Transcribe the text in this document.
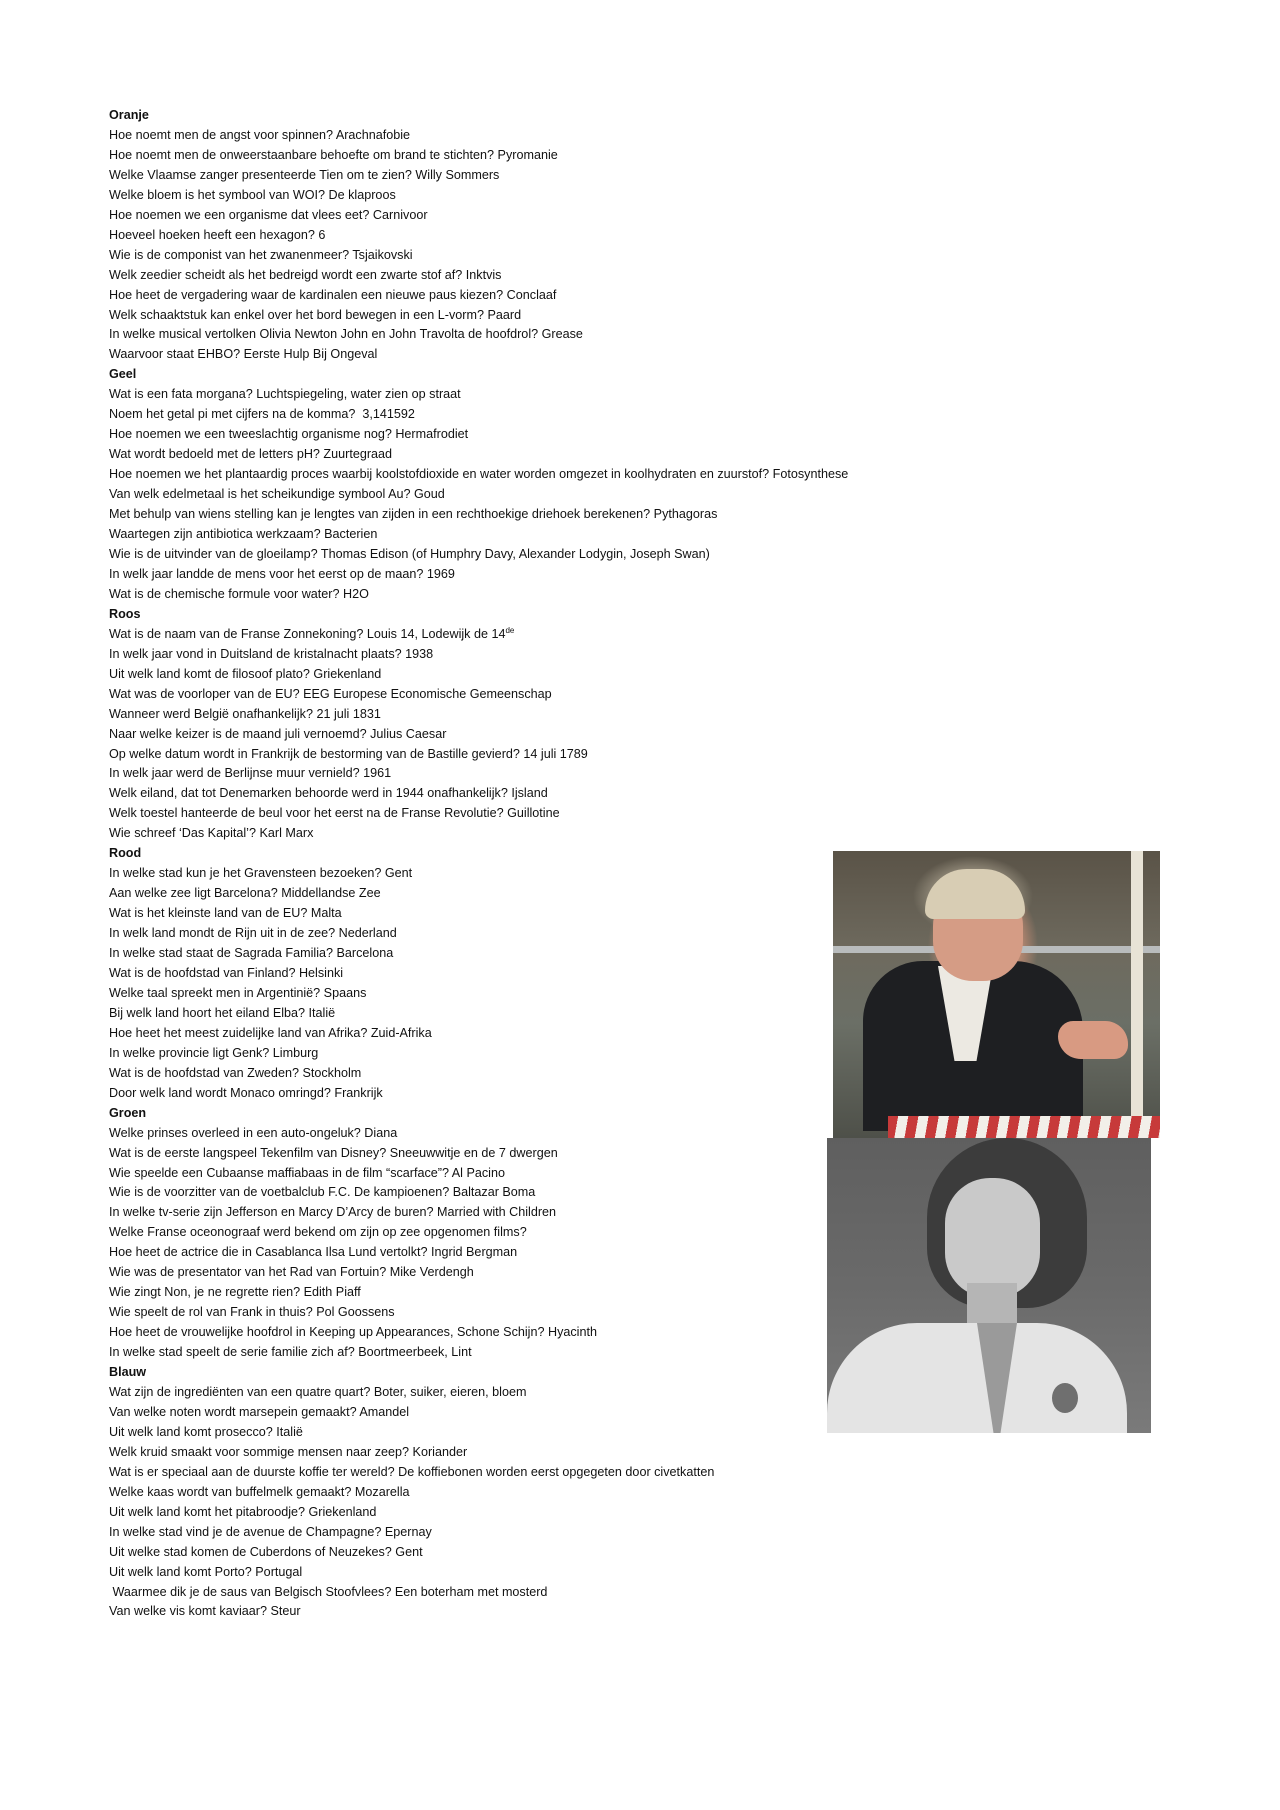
Oranje
Hoe noemt men de angst voor spinnen? Arachnafobie
Hoe noemt men de onweerstaanbare behoefte om brand te stichten? Pyromanie
Welke Vlaamse zanger presenteerde Tien om te zien? Willy Sommers
Welke bloem is het symbool van WOI? De klaproos
Hoe noemen we een organisme dat vlees eet? Carnivoor
Hoeveel hoeken heeft een hexagon? 6
Wie is de componist van het zwanenmeer? Tsjaikovski
Welk zeedier scheidt als het bedreigd wordt een zwarte stof af? Inktvis
Hoe heet de vergadering waar de kardinalen een nieuwe paus kiezen? Conclaaf
Welk schaaktstuk kan enkel over het bord bewegen in een L-vorm? Paard
In welke musical vertolken Olivia Newton John en John Travolta de hoofdrol? Grease
Waarvoor staat EHBO? Eerste Hulp Bij Ongeval
Geel
Wat is een fata morgana? Luchtspiegeling, water zien op straat
Noem het getal pi met cijfers na de komma?  3,141592
Hoe noemen we een tweeslachtig organisme nog? Hermafrodiet
Wat wordt bedoeld met de letters pH? Zuurtegraad
Hoe noemen we het plantaardig proces waarbij koolstofdioxide en water worden omgezet in koolhydraten en zuurstof? Fotosynthese
Van welk edelmetaal is het scheikundige symbool Au? Goud
Met behulp van wiens stelling kan je lengtes van zijden in een rechthoekige driehoek berekenen? Pythagoras
Waartegen zijn antibiotica werkzaam? Bacterien
Wie is de uitvinder van de gloeilamp? Thomas Edison (of Humphry Davy, Alexander Lodygin, Joseph Swan)
In welk jaar landde de mens voor het eerst op de maan? 1969
Wat is de chemische formule voor water? H2O
Roos
Wat is de naam van de Franse Zonnekoning? Louis 14, Lodewijk de 14de
In welk jaar vond in Duitsland de kristalnacht plaats? 1938
Uit welk land komt de filosoof plato? Griekenland
Wat was de voorloper van de EU? EEG Europese Economische Gemeenschap
Wanneer werd België onafhankelijk? 21 juli 1831
Naar welke keizer is de maand juli vernoemd? Julius Caesar
Op welke datum wordt in Frankrijk de bestorming van de Bastille gevierd? 14 juli 1789
In welk jaar werd de Berlijnse muur vernield? 1961
Welk eiland, dat tot Denemarken behoorde werd in 1944 onafhankelijk? Ijsland
Welk toestel hanteerde de beul voor het eerst na de Franse Revolutie? Guillotine
Wie schreef ‘Das Kapital’? Karl Marx
Rood
In welke stad kun je het Gravensteen bezoeken? Gent
Aan welke zee ligt Barcelona? Middellandse Zee
Wat is het kleinste land van de EU? Malta
In welk land mondt de Rijn uit in de zee? Nederland
In welke stad staat de Sagrada Familia? Barcelona
Wat is de hoofdstad van Finland? Helsinki
Welke taal spreekt men in Argentinië? Spaans
Bij welk land hoort het eiland Elba? Italië
Hoe heet het meest zuidelijke land van Afrika? Zuid-Afrika
In welke provincie ligt Genk? Limburg
Wat is de hoofdstad van Zweden? Stockholm
Door welk land wordt Monaco omringd? Frankrijk
Groen
Welke prinses overleed in een auto-ongeluk? Diana
Wat is de eerste langspeel Tekenfilm van Disney? Sneeuwwitje en de 7 dwergen
Wie speelde een Cubaanse maffiabaas in de film “scarface”? Al Pacino
Wie is de voorzitter van de voetbalclub F.C. De kampioenen? Baltazar Boma
In welke tv-serie zijn Jefferson en Marcy D’Arcy de buren? Married with Children
Welke Franse oceonograaf werd bekend om zijn op zee opgenomen films?
Hoe heet de actrice die in Casablanca Ilsa Lund vertolkt? Ingrid Bergman
Wie was de presentator van het Rad van Fortuin? Mike Verdengh
Wie zingt Non, je ne regrette rien? Edith Piaff
Wie speelt de rol van Frank in thuis? Pol Goossens
Hoe heet de vrouwelijke hoofdrol in Keeping up Appearances, Schone Schijn? Hyacinth
In welke stad speelt de serie familie zich af? Boortmeerbeek, Lint
Blauw
Wat zijn de ingrediënten van een quatre quart? Boter, suiker, eieren, bloem
Van welke noten wordt marsepein gemaakt? Amandel
Uit welk land komt prosecco? Italië
Welk kruid smaakt voor sommige mensen naar zeep? Koriander
Wat is er speciaal aan de duurste koffie ter wereld? De koffiebonen worden eerst opgegeten door civetkatten
Welke kaas wordt van buffelmelk gemaakt? Mozarella
Uit welk land komt het pitabroodje? Griekenland
In welke stad vind je de avenue de Champagne? Epernay
Uit welke stad komen de Cuberdons of Neuzekes? Gent
Uit welk land komt Porto? Portugal
Waarmee dik je de saus van Belgisch Stoofvlees? Een boterham met mosterd
Van welke vis komt kaviaar? Steur
